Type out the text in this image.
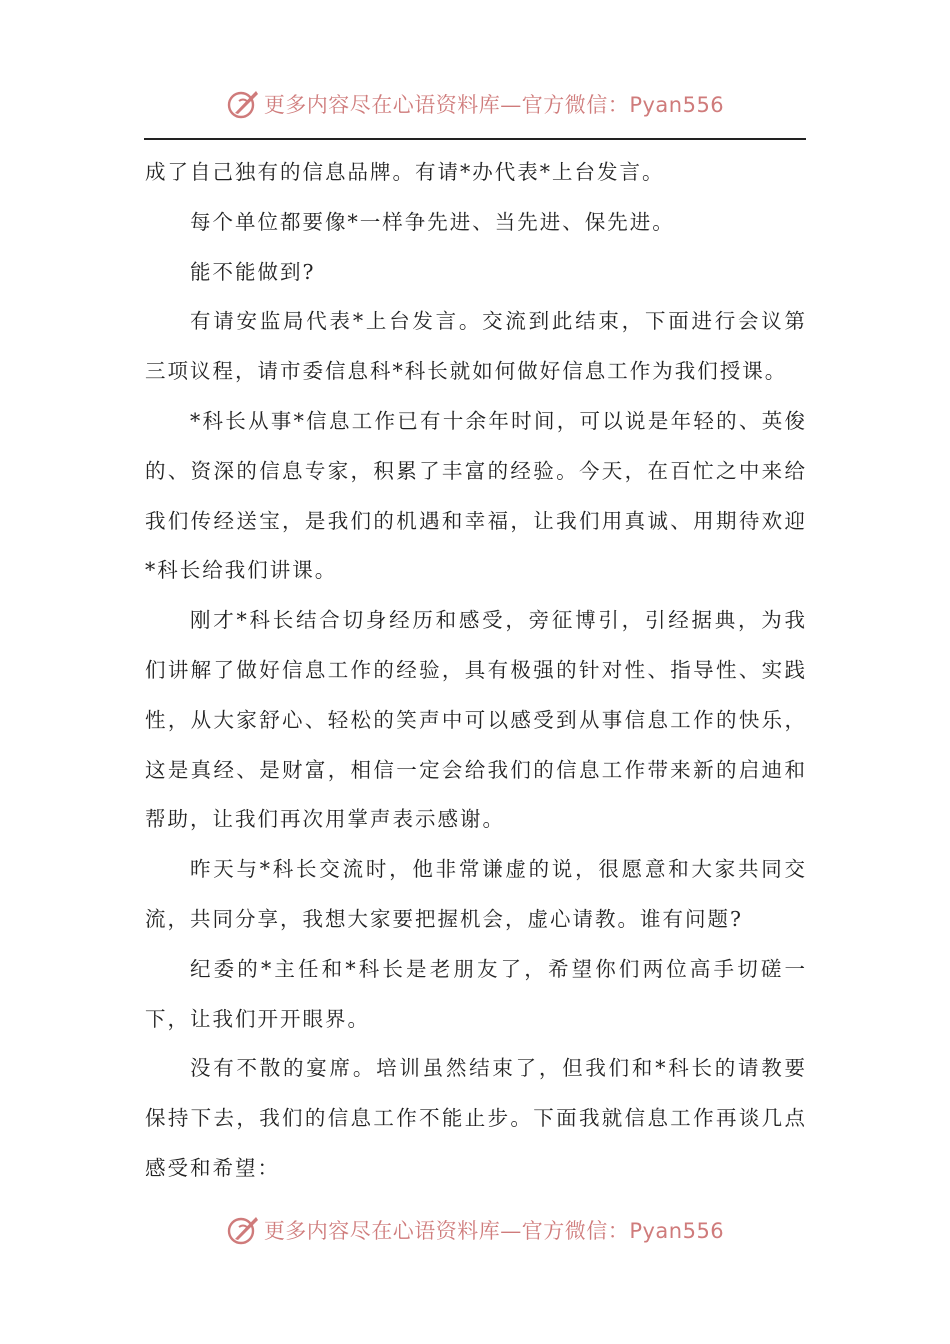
更多内容尽在心语资料库—官方微信：Pyan556

成了自己独有的信息品牌。有请*办代表*上台发言。

每个单位都要像*一样争先进、当先进、保先进。

能不能做到?

有请安监局代表*上台发言。交流到此结束，下面进行会议第三项议程，请市委信息科*科长就如何做好信息工作为我们授课。

*科长从事*信息工作已有十余年时间，可以说是年轻的、英俊的、资深的信息专家，积累了丰富的经验。今天，在百忙之中来给我们传经送宝，是我们的机遇和幸福，让我们用真诚、用期待欢迎*科长给我们讲课。

刚才*科长结合切身经历和感受，旁征博引，引经据典，为我们讲解了做好信息工作的经验，具有极强的针对性、指导性、实践性，从大家舒心、轻松的笑声中可以感受到从事信息工作的快乐，这是真经、是财富，相信一定会给我们的信息工作带来新的启迪和帮助，让我们再次用掌声表示感谢。

昨天与*科长交流时，他非常谦虚的说，很愿意和大家共同交流，共同分享，我想大家要把握机会，虚心请教。谁有问题?

纪委的*主任和*科长是老朋友了，希望你们两位高手切磋一下，让我们开开眼界。

没有不散的宴席。培训虽然结束了，但我们和*科长的请教要保持下去，我们的信息工作不能止步。下面我就信息工作再谈几点感受和希望：

更多内容尽在心语资料库—官方微信：Pyan556
